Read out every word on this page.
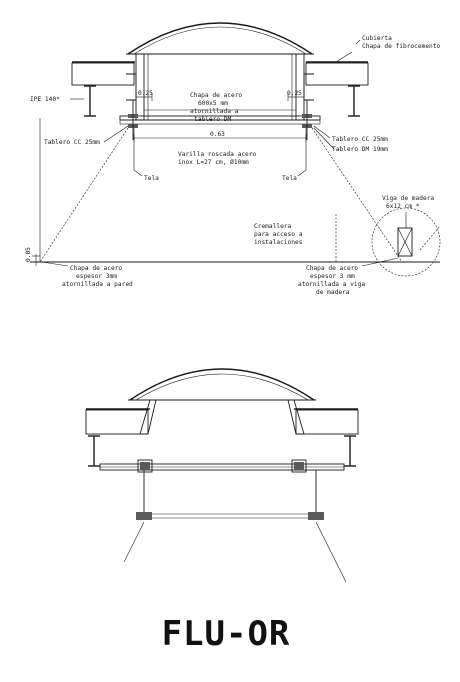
0.25	0.25
0.63
0.05
Cubierta
Chapa de fibrocemento
IPE 140*
Chapa de acero
600x5 mm
atornillada a
tablero DM
Tablero CC 25mm	Tablero CC 25mm
Tablero DM 19mm
Varilla roscada acero
inox L=27 cm, Ø10mm
Tela	Tela
Viga de madera
6x12 cm *
Cremallera
para acceso a
instalaciones
Chapa de acero
espesor 3mm
atornillada a pared
Chapa de acero
espesor 3 mm
atornillada a viga
de madera
FLU-OR
